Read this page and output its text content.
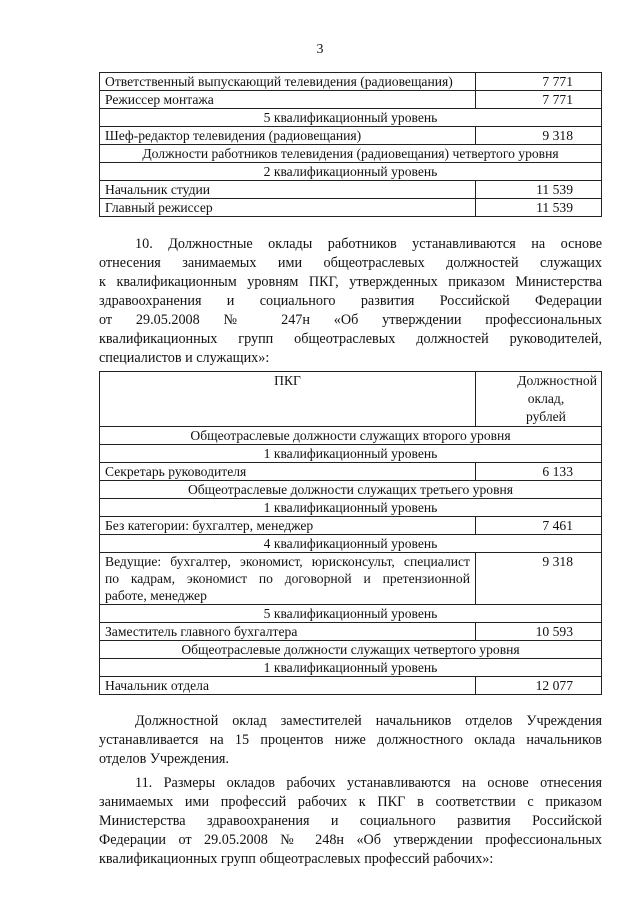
3
Ответственный выпускающий телевидения (радиовещания)	7 771
Режиссер монтажа	7 771
5 квалификационный уровень	
Шеф-редактор телевидения (радиовещания)	9 318
Должности работников телевидения (радиовещания) четвертого уровня	
2 квалификационный уровень	
Начальник студии	11 539
Главный режиссер	11 539
10. Должностные оклады работников устанавливаются на основе
отнесения занимаемых ими общеотраслевых должностей служащих
к квалификационным уровням ПКГ, утвержденных приказом Министерства
здравоохранения и социального развития Российской Федерации
от 29.05.2008 № 247н «Об утверждении профессиональных
квалификационных групп общеотраслевых должностей руководителей,
специалистов и служащих»:
ПКГ	Должностной
оклад,
рублей

Общеотраслевые должности служащих второго уровня	
1 квалификационный уровень	

Секретарь руководителя	6 133
Общеотраслевые должности служащих третьего уровня	
1 квалификационный уровень	

Без категории: бухгалтер, менеджер	7 461
4 квалификационный уровень	

Ведущие: бухгалтер, экономист, юрисконсульт, специалист
по кадрам, экономист по договорной и претензионной
работе, менеджер	9 318
5 квалификационный уровень	

Заместитель главного бухгалтера	10 593
Общеотраслевые должности служащих четвертого уровня	
1 квалификационный уровень	

Начальник отдела	12 077
Должностной оклад заместителей начальников отделов Учреждения
устанавливается на 15 процентов ниже должностного оклада начальников
отделов Учреждения.
11. Размеры окладов рабочих устанавливаются на основе отнесения
занимаемых ими профессий рабочих к ПКГ в соответствии с приказом
Министерства здравоохранения и социального развития Российской
Федерации от 29.05.2008 № 248н «Об утверждении профессиональных
квалификационных групп общеотраслевых профессий рабочих»:
